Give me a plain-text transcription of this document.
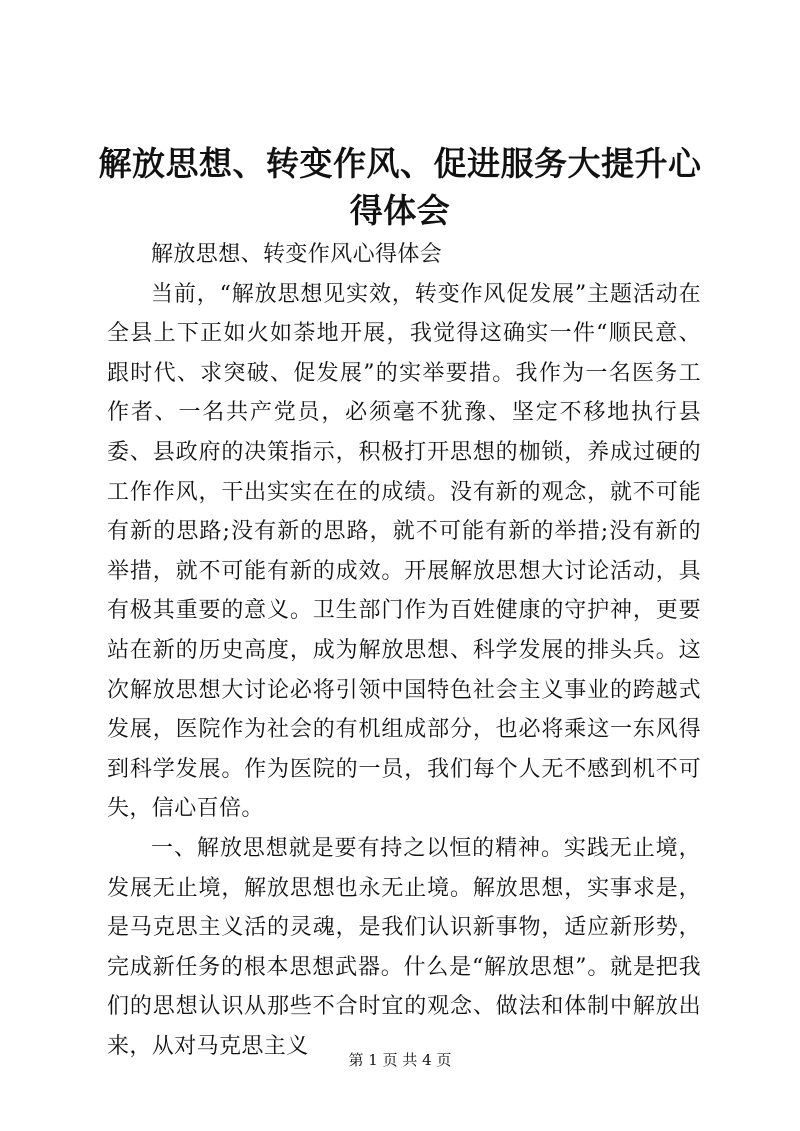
解放思想、转变作风、促进服务大提升心得体会

解放思想、转变作风心得体会

当前，“解放思想见实效，转变作风促发展”主题活动在全县上下正如火如荼地开展，我觉得这确实一件“顺民意、跟时代、求突破、促发展”的实举要措。我作为一名医务工作者、一名共产党员，必须毫不犹豫、坚定不移地执行县委、县政府的决策指示，积极打开思想的枷锁，养成过硬的工作作风，干出实实在在的成绩。没有新的观念，就不可能有新的思路;没有新的思路，就不可能有新的举措;没有新的举措，就不可能有新的成效。开展解放思想大讨论活动，具有极其重要的意义。卫生部门作为百姓健康的守护神，更要站在新的历史高度，成为解放思想、科学发展的排头兵。这次解放思想大讨论必将引领中国特色社会主义事业的跨越式发展，医院作为社会的有机组成部分，也必将乘这一东风得到科学发展。作为医院的一员，我们每个人无不感到机不可失，信心百倍。

一、解放思想就是要有持之以恒的精神。实践无止境，发展无止境，解放思想也永无止境。解放思想，实事求是，是马克思主义活的灵魂，是我们认识新事物，适应新形势，完成新任务的根本思想武器。什么是“解放思想”。就是把我们的思想认识从那些不合时宜的观念、做法和体制中解放出来，从对马克思主义

第 1 页 共 4 页
